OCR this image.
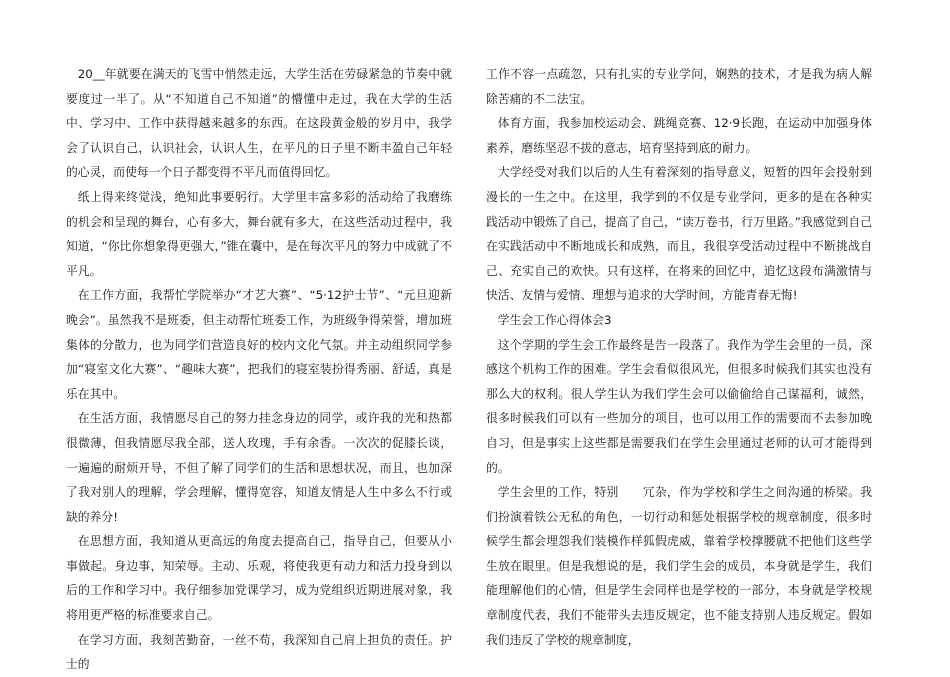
20__年就要在满天的飞雪中悄然走远，大学生活在劳碌紧急的节奏中就要度过一半了。从“不知道自己不知道”的懵懂中走过，我在大学的生活中、学习中、工作中获得越来越多的东西。在这段黄金般的岁月中，我学会了认识自己，认识社会，认识人生，在平凡的日子里不断丰盈自己年轻的心灵，而使每一个日子都变得不平凡而值得回忆。

纸上得来终觉浅，绝知此事要躬行。大学里丰富多彩的活动给了我磨练的机会和呈现的舞台，心有多大，舞台就有多大，在这些活动过程中，我知道，“你比你想象得更强大，”锥在囊中，是在每次平凡的努力中成就了不平凡。

在工作方面，我帮忙学院举办“才艺大赛”、“5·12护士节”、“元旦迎新晚会”。虽然我不是班委，但主动帮忙班委工作，为班级争得荣誉，增加班集体的分散力，也为同学们营造良好的校内文化气氛。并主动组织同学参加“寝室文化大赛”、“趣味大赛”，把我们的寝室装扮得秀丽、舒适，真是乐在其中。

在生活方面，我情愿尽自己的努力挂念身边的同学，或许我的光和热都很微薄，但我情愿尽我全部，送人玫瑰，手有余香。一次次的促膝长谈，一遍遍的耐烦开导，不但了解了同学们的生活和思想状况，而且，也加深了我对别人的理解，学会理解，懂得宽容，知道友情是人生中多么不行或缺的养分!

在思想方面，我知道从更高远的角度去提高自己，指导自己，但要从小事做起。身边事，知荣辱。主动、乐观，将使我更有动力和活力投身到以后的工作和学习中。我仔细参加党课学习，成为党组织近期进展对象，我将用更严格的标准要求自己。

在学习方面，我刻苦勤奋，一丝不苟，我深知自己肩上担负的责任。护士的

工作不容一点疏忽，只有扎实的专业学问，娴熟的技术，才是我为病人解除苦痛的不二法宝。

体育方面，我参加校运动会、跳绳竞赛、12·9长跑，在运动中加强身体素养，磨练坚忍不拔的意志，培育坚持到底的耐力。

大学经受对我们以后的人生有着深刻的指导意义，短暂的四年会投射到漫长的一生之中。在这里，我学到的不仅是专业学问，更多的是在各种实践活动中锻炼了自己，提高了自己，“读万卷书，行万里路。”我感觉到自己在实践活动中不断地成长和成熟，而且，我很享受活动过程中不断挑战自己、充实自己的欢快。只有这样，在将来的回忆中，追忆这段布满激情与快活、友情与爱情、理想与追求的大学时间，方能青春无悔!

学生会工作心得体会3

这个学期的学生会工作最终是告一段落了。我作为学生会里的一员，深感这个机构工作的困难。学生会看似很风光，但很多时候我们其实也没有那么大的权利。很人学生认为我们学生会可以偷偷给自己谋福利，诚然，很多时候我们可以有一些加分的项目，也可以用工作的需要而不去参加晚自习，但是事实上这些都是需要我们在学生会里通过老师的认可才能得到的。

学生会里的工作，特别　　冗杂，作为学校和学生之间沟通的桥梁。我们扮演着铁公无私的角色，一切行动和惩处根据学校的规章制度，很多时候学生都会埋怨我们装模作样狐假虎威，靠着学校撑腰就不把他们这些学生放在眼里。但是我想说的是，我们学生会的成员，本身就是学生，我们能理解他们的心情，但是学生会同样也是学校的一部分，本身就是学校规章制度代表，我们不能带头去违反规定，也不能支持别人违反规定。假如我们违反了学校的规章制度，
